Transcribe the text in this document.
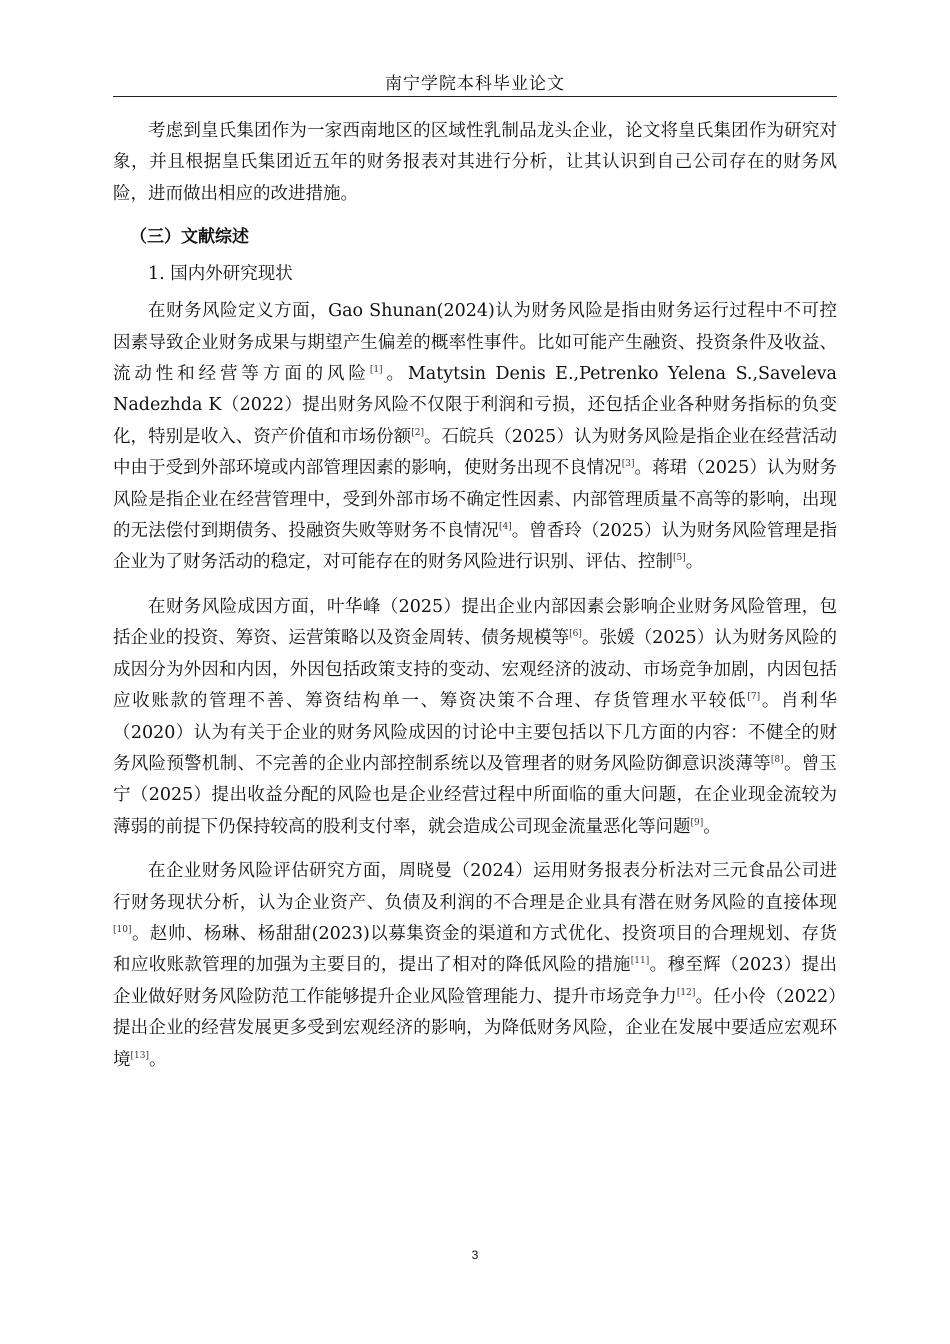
南宁学院本科毕业论文

考虑到皇氏集团作为一家西南地区的区域性乳制品龙头企业，论文将皇氏集团作为研究对象，并且根据皇氏集团近五年的财务报表对其进行分析，让其认识到自己公司存在的财务风险，进而做出相应的改进措施。

（三）文献综述
1. 国内外研究现状

在财务风险定义方面，Gao Shunan(2024)认为财务风险是指由财务运行过程中不可控因素导致企业财务成果与期望产生偏差的概率性事件。比如可能产生融资、投资条件及收益、流动性和经营等方面的风险[1]。Matytsin Denis E.,Petrenko Yelena S.,Saveleva Nadezhda K（2022）提出财务风险不仅限于利润和亏损，还包括企业各种财务指标的负变化，特别是收入、资产价值和市场份额[2]。石皖兵（2025）认为财务风险是指企业在经营活动中由于受到外部环境或内部管理因素的影响，使财务出现不良情况[3]。蒋珺（2025）认为财务风险是指企业在经营管理中，受到外部市场不确定性因素、内部管理质量不高等的影响，出现的无法偿付到期债务、投融资失败等财务不良情况[4]。曾香玲（2025）认为财务风险管理是指企业为了财务活动的稳定，对可能存在的财务风险进行识别、评估、控制[5]。

在财务风险成因方面，叶华峰（2025）提出企业内部因素会影响企业财务风险管理，包括企业的投资、筹资、运营策略以及资金周转、债务规模等[6]。张媛（2025）认为财务风险的成因分为外因和内因，外因包括政策支持的变动、宏观经济的波动、市场竞争加剧，内因包括应收账款的管理不善、筹资结构单一、筹资决策不合理、存货管理水平较低[7]。肖利华（2020）认为有关于企业的财务风险成因的讨论中主要包括以下几方面的内容：不健全的财务风险预警机制、不完善的企业内部控制系统以及管理者的财务风险防御意识淡薄等[8]。曾玉宁（2025）提出收益分配的风险也是企业经营过程中所面临的重大问题，在企业现金流较为薄弱的前提下仍保持较高的股利支付率，就会造成公司现金流量恶化等问题[9]。

在企业财务风险评估研究方面，周晓曼（2024）运用财务报表分析法对三元食品公司进行财务现状分析，认为企业资产、负债及利润的不合理是企业具有潜在财务风险的直接体现[10]。赵帅、杨琳、杨甜甜(2023)以募集资金的渠道和方式优化、投资项目的合理规划、存货和应收账款管理的加强为主要目的，提出了相对的降低风险的措施[11]。穆至辉（2023）提出企业做好财务风险防范工作能够提升企业风险管理能力、提升市场竞争力[12]。任小伶（2022）提出企业的经营发展更多受到宏观经济的影响，为降低财务风险，企业在发展中要适应宏观环境[13]。

3
